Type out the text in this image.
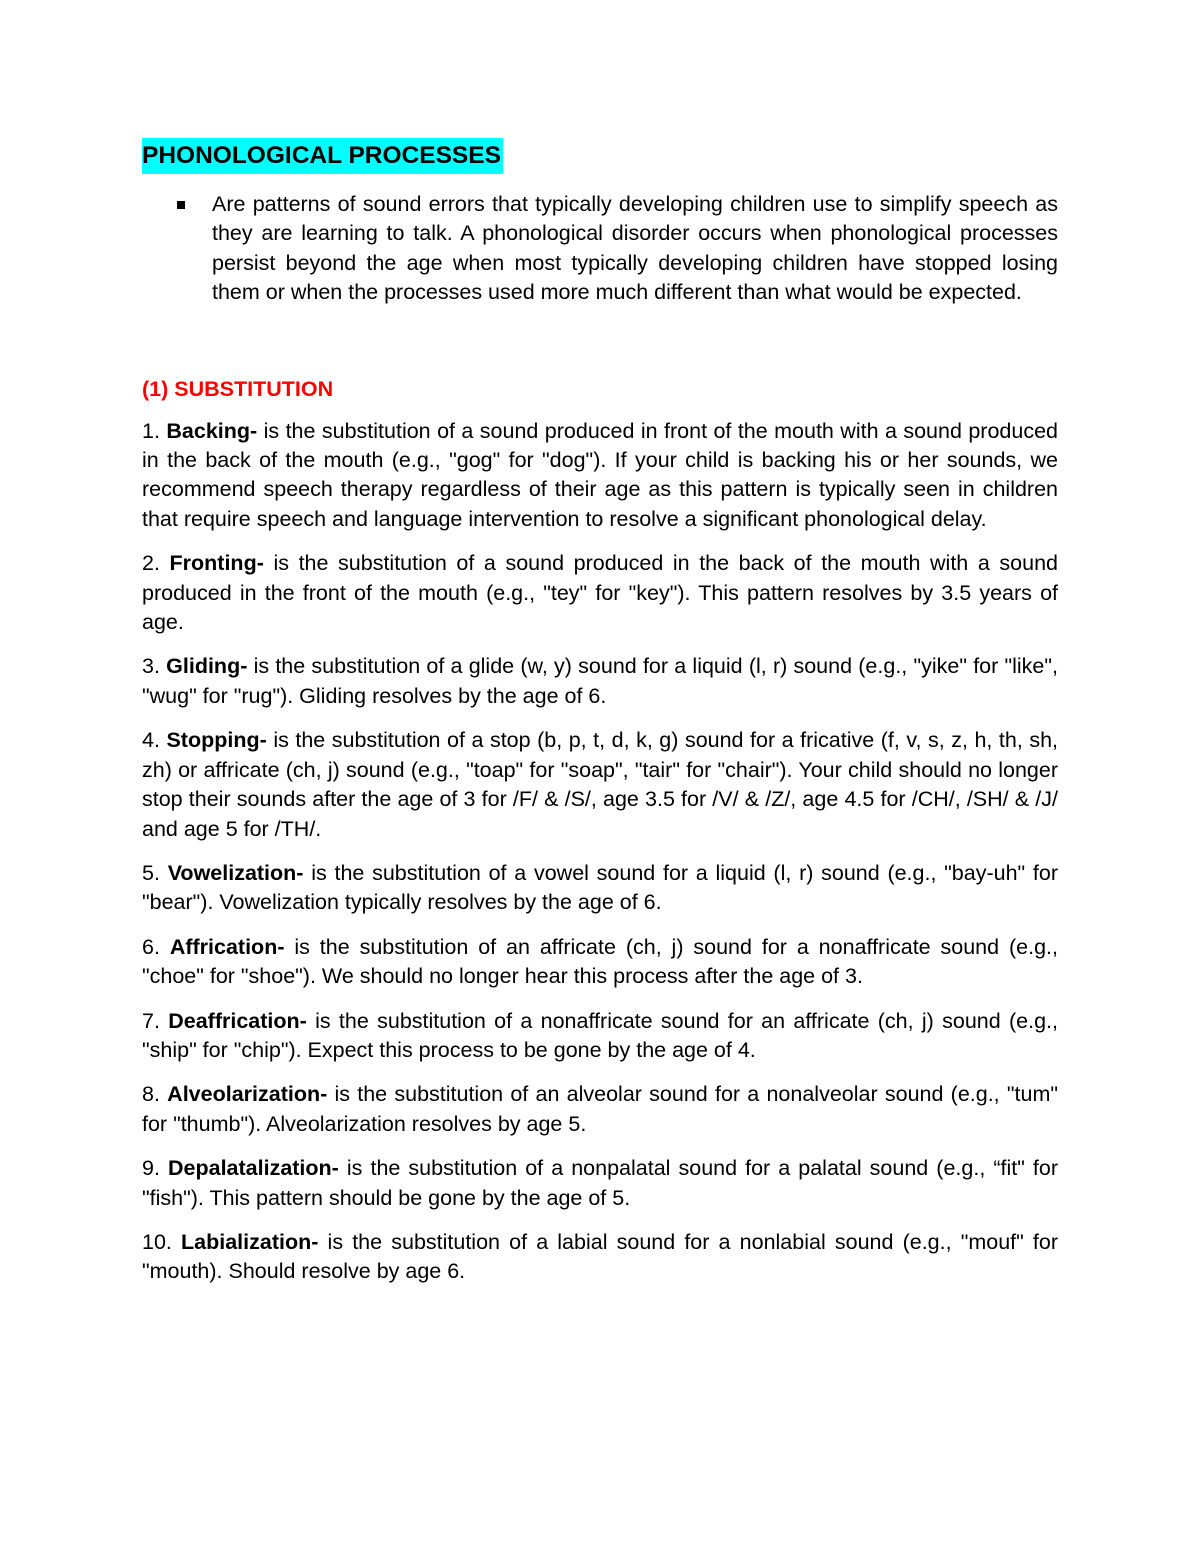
PHONOLOGICAL PROCESSES
Are patterns of sound errors that typically developing children use to simplify speech as they are learning to talk. A phonological disorder occurs when phonological processes persist beyond the age when most typically developing children have stopped losing them or when the processes used more much different than what would be expected.
(1) SUBSTITUTION

1. Backing- is the substitution of a sound produced in front of the mouth with a sound produced in the back of the mouth (e.g., "gog" for "dog"). If your child is backing his or her sounds, we recommend speech therapy regardless of their age as this pattern is typically seen in children that require speech and language intervention to resolve a significant phonological delay.

2. Fronting- is the substitution of a sound produced in the back of the mouth with a sound produced in the front of the mouth (e.g., "tey" for "key"). This pattern resolves by 3.5 years of age.

3. Gliding- is the substitution of a glide (w, y) sound for a liquid (l, r) sound (e.g., "yike" for "like", "wug" for "rug"). Gliding resolves by the age of 6.

4. Stopping- is the substitution of a stop (b, p, t, d, k, g) sound for a fricative (f, v, s, z, h, th, sh, zh) or affricate (ch, j) sound (e.g., "toap" for "soap", "tair" for "chair"). Your child should no longer stop their sounds after the age of 3 for /F/ & /S/, age 3.5 for /V/ & /Z/, age 4.5 for /CH/, /SH/ & /J/ and age 5 for /TH/.

5. Vowelization- is the substitution of a vowel sound for a liquid (l, r) sound (e.g., "bay-uh" for "bear"). Vowelization typically resolves by the age of 6.

6. Affrication- is the substitution of an affricate (ch, j) sound for a nonaffricate sound (e.g., "choe" for "shoe"). We should no longer hear this process after the age of 3.

7. Deaffrication- is the substitution of a nonaffricate sound for an affricate (ch, j) sound (e.g., "ship" for "chip"). Expect this process to be gone by the age of 4.

8. Alveolarization- is the substitution of an alveolar sound for a nonalveolar sound (e.g., "tum" for "thumb"). Alveolarization resolves by age 5.

9. Depalatalization- is the substitution of a nonpalatal sound for a palatal sound (e.g., “fit" for "fish"). This pattern should be gone by the age of 5.

10. Labialization- is the substitution of a labial sound for a nonlabial sound (e.g., "mouf" for "mouth). Should resolve by age 6.
